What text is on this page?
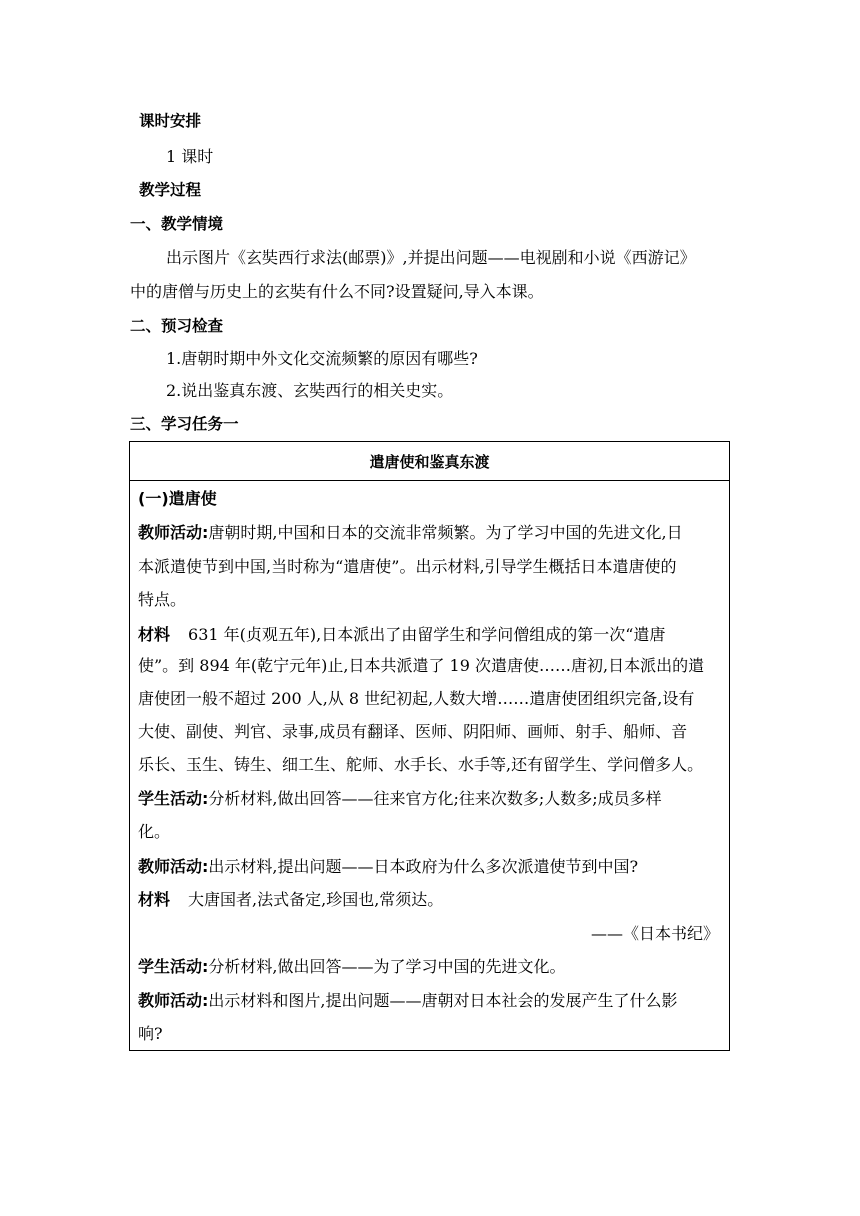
课时安排
1 课时
教学过程
一、教学情境
出示图片《玄奘西行求法(邮票)》,并提出问题——电视剧和小说《西游记》
中的唐僧与历史上的玄奘有什么不同?设置疑问,导入本课。
二、预习检查
1.唐朝时期中外文化交流频繁的原因有哪些?
2.说出鉴真东渡、玄奘西行的相关史实。
三、学习任务一
遣唐使和鉴真东渡
(一)遣唐使
教师活动:唐朝时期,中国和日本的交流非常频繁。为了学习中国的先进文化,日
本派遣使节到中国,当时称为“遣唐使”。出示材料,引导学生概括日本遣唐使的
特点。
材料 631 年(贞观五年),日本派出了由留学生和学问僧组成的第一次“遣唐
使”。到 894 年(乾宁元年)止,日本共派遣了 19 次遣唐使……唐初,日本派出的遣
唐使团一般不超过 200 人,从 8 世纪初起,人数大增……遣唐使团组织完备,设有
大使、副使、判官、录事,成员有翻译、医师、阴阳师、画师、射手、船师、音
乐长、玉生、铸生、细工生、舵师、水手长、水手等,还有留学生、学问僧多人。
学生活动:分析材料,做出回答——往来官方化;往来次数多;人数多;成员多样
化。
教师活动:出示材料,提出问题——日本政府为什么多次派遣使节到中国?
材料 大唐国者,法式备定,珍国也,常须达。
——《日本书纪》
学生活动:分析材料,做出回答——为了学习中国的先进文化。
教师活动:出示材料和图片,提出问题——唐朝对日本社会的发展产生了什么影
响?
